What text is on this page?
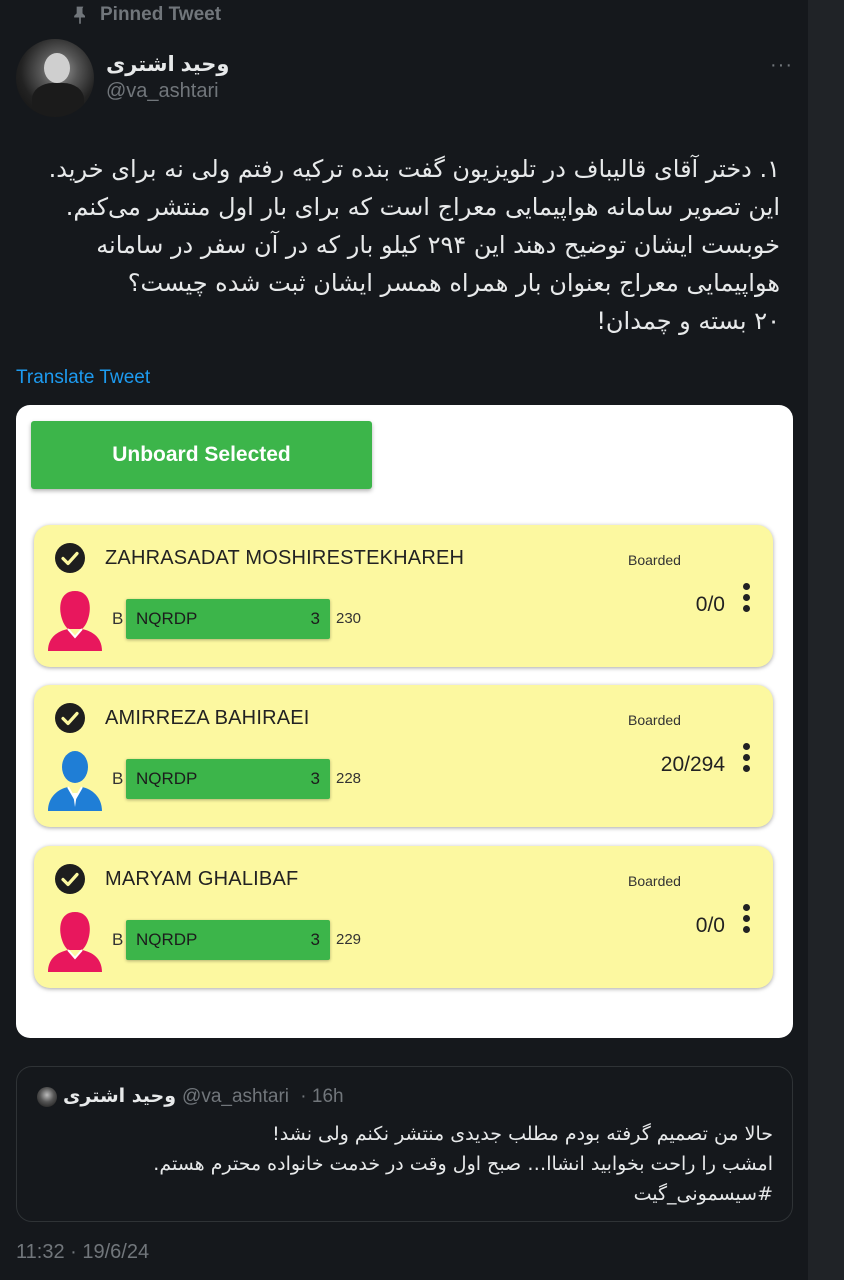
Pinned Tweet
وحید اشتری
@va_ashtari
···
۱. دختر آقای قالیباف در تلویزیون گفت بنده ترکیه رفتم ولی نه برای خرید.
این تصویر سامانه هواپیمایی معراج است که برای بار اول منتشر می‌کنم.
خوبست ایشان توضیح دهند این ۲۹۴ کیلو بار که در آن سفر در سامانه
هواپیمایی معراج بعنوان بار همراه همسر ایشان ثبت شده چیست؟
۲۰ بسته و چمدان!
Translate Tweet
Unboard Selected
ZAHRASADAT MOSHIRESTEKHAREH	Boarded
B NQRDP	3 230
0/0
AMIRREZA BAHIRAEI	Boarded
B NQRDP	3 228
20/294
MARYAM GHALIBAF	Boarded
B NQRDP	3 229
0/0
وحید اشتری @va_ashtari · 16h
حالا من تصمیم گرفته بودم مطلب جدیدی منتشر نکنم ولی نشد!
امشب را راحت بخوابید انشاا… صبح اول وقت در خدمت خانواده محترم هستم.
#سیسمونی_گیت
11:32 · 19/6/24
